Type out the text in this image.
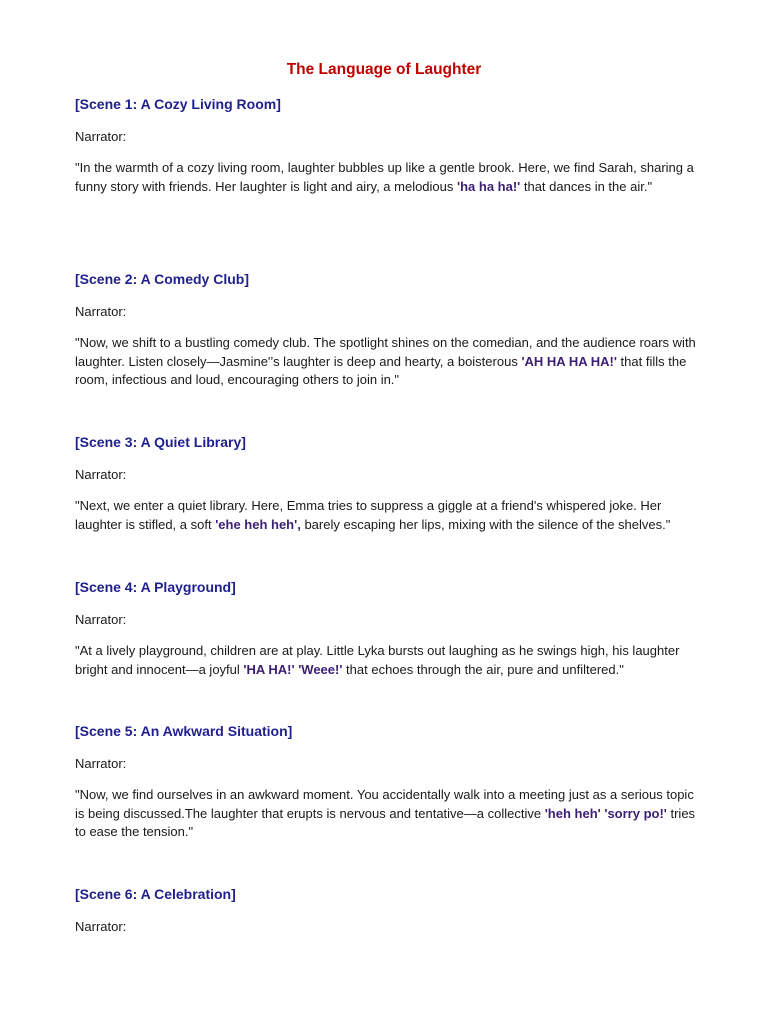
The Language of Laughter
[Scene 1: A Cozy Living Room]
Narrator:
"In the warmth of a cozy living room, laughter bubbles up like a gentle brook. Here, we find Sarah, sharing a funny story with friends. Her laughter is light and airy, a melodious 'ha ha ha!' that dances in the air."
[Scene 2: A Comedy Club]
Narrator:
"Now, we shift to a bustling comedy club. The spotlight shines on the comedian, and the audience roars with laughter. Listen closely—Jasmine'’s laughter is deep and hearty, a boisterous 'AH HA HA HA!' that fills the room, infectious and loud, encouraging others to join in."
[Scene 3: A Quiet Library]
Narrator:
"Next, we enter a quiet library. Here, Emma tries to suppress a giggle at a friend's whispered joke. Her laughter is stifled, a soft 'ehe heh heh', barely escaping her lips, mixing with the silence of the shelves."
[Scene 4: A Playground]
Narrator:
"At a lively playground, children are at play. Little Lyka bursts out laughing as he swings high, his laughter bright and innocent—a joyful 'HA HA!' 'Weee!' that echoes through the air, pure and unfiltered."
[Scene 5: An Awkward Situation]
Narrator:
"Now, we find ourselves in an awkward moment. You accidentally walk into a meeting just as a serious topic is being discussed.The laughter that erupts is nervous and tentative—a collective 'heh heh' 'sorry po!' tries to ease the tension."
[Scene 6: A Celebration]
Narrator:
